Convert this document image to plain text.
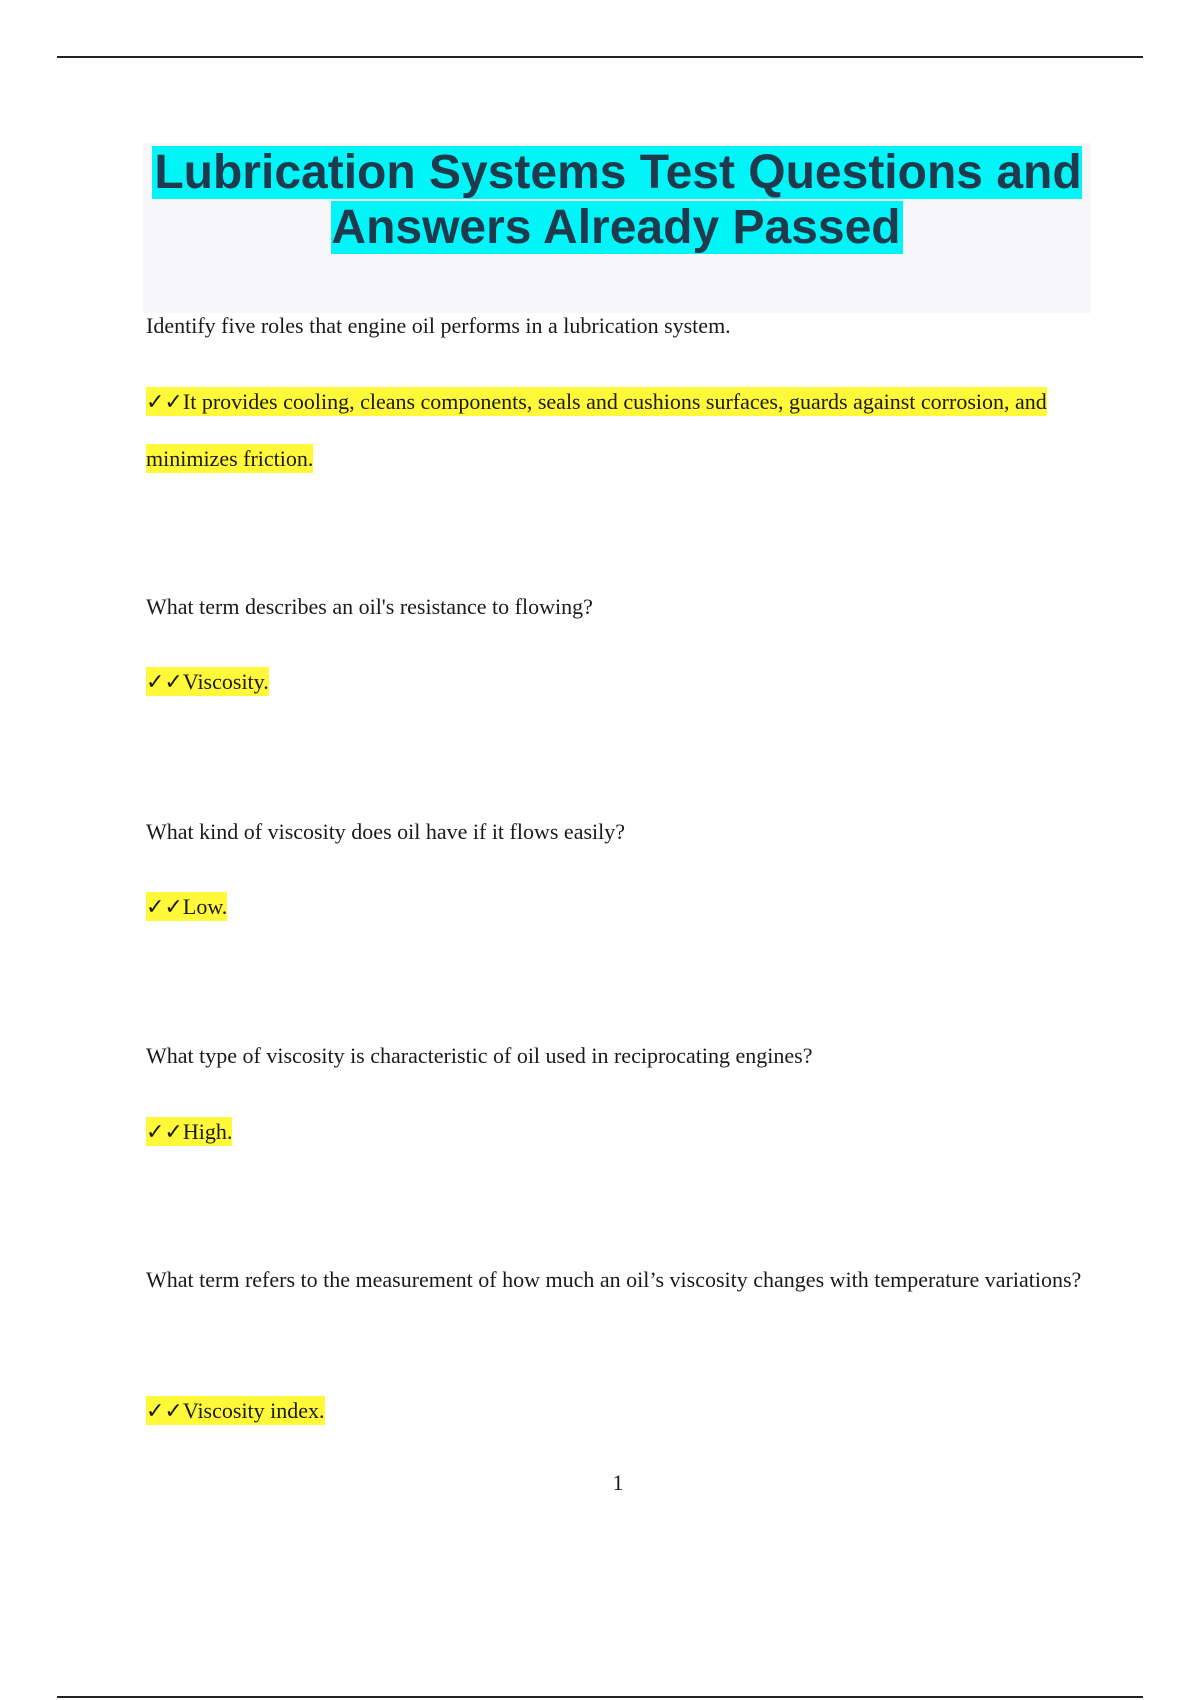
Lubrication Systems Test Questions and Answers Already Passed

Identify five roles that engine oil performs in a lubrication system.

✓✓It provides cooling, cleans components, seals and cushions surfaces, guards against corrosion, and minimizes friction.

What term describes an oil's resistance to flowing?

✓✓Viscosity.

What kind of viscosity does oil have if it flows easily?

✓✓Low.

What type of viscosity is characteristic of oil used in reciprocating engines?

✓✓High.

What term refers to the measurement of how much an oil’s viscosity changes with temperature variations?

✓✓Viscosity index.

1
